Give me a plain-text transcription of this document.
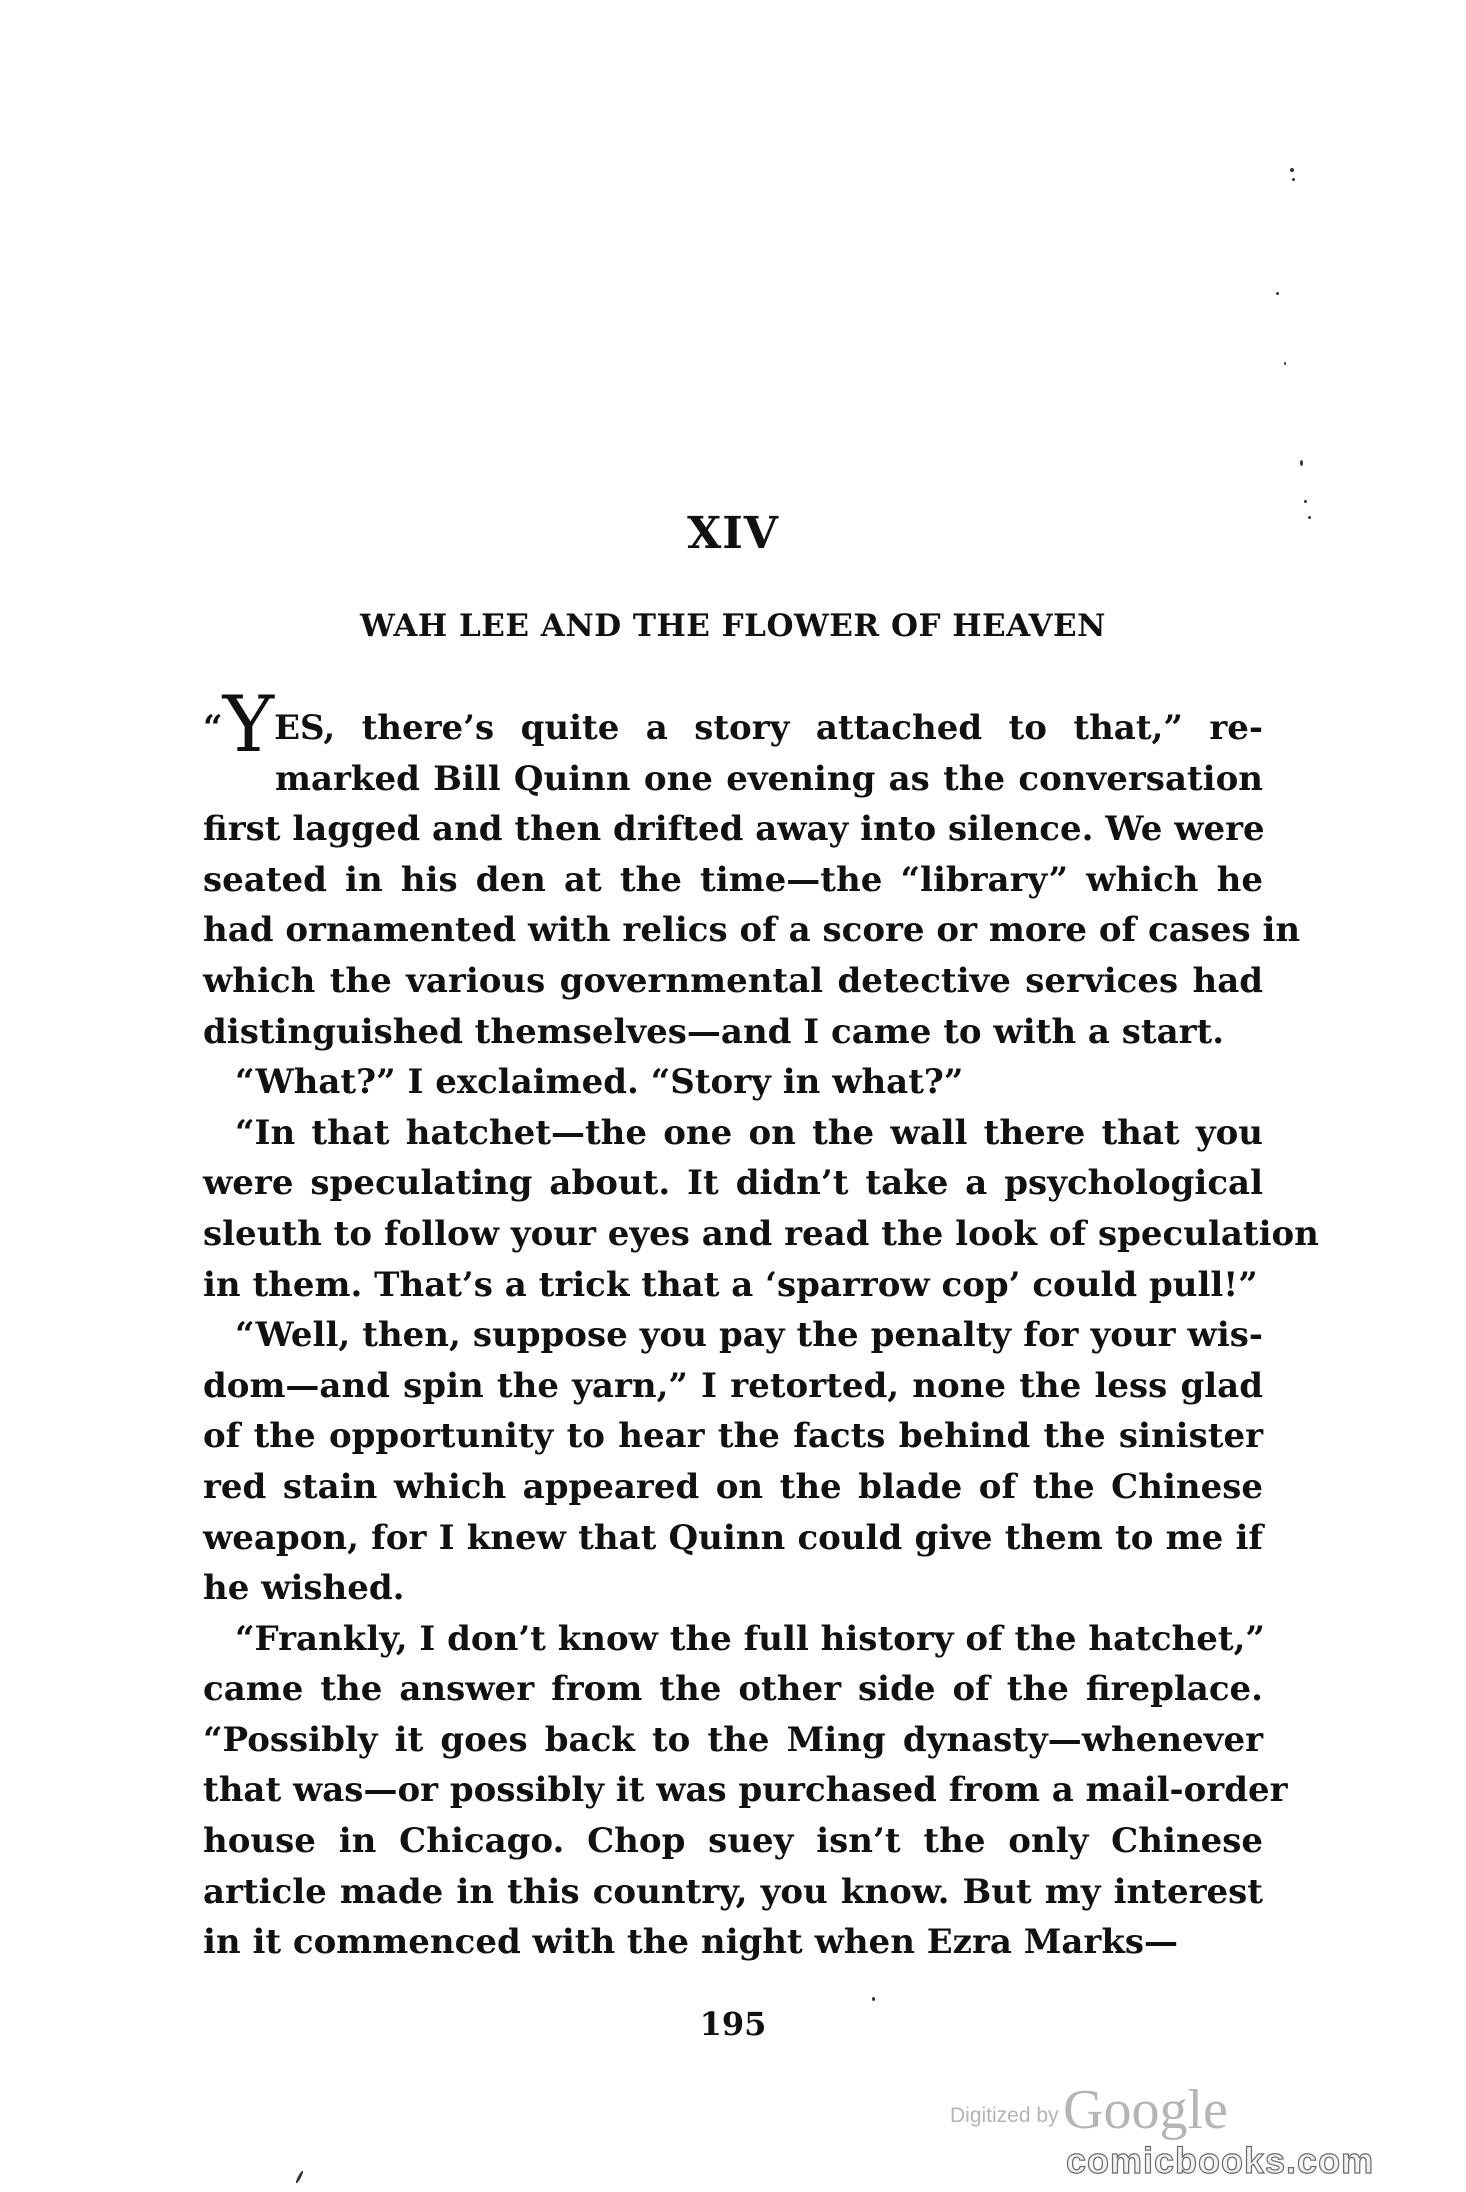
XIV
WAH LEE AND THE FLOWER OF HEAVEN
“YES, there’s quite a story attached to that,” re-
marked Bill Quinn one evening as the conversation
first lagged and then drifted away into silence. We were
seated in his den at the time—the “library” which he
had ornamented with relics of a score or more of cases in
which the various governmental detective services had
distinguished themselves—and I came to with a start.
“What?” I exclaimed. “Story in what?”
“In that hatchet—the one on the wall there that you
were speculating about. It didn’t take a psychological
sleuth to follow your eyes and read the look of speculation
in them. That’s a trick that a ‘sparrow cop’ could pull!”
“Well, then, suppose you pay the penalty for your wis-
dom—and spin the yarn,” I retorted, none the less glad
of the opportunity to hear the facts behind the sinister
red stain which appeared on the blade of the Chinese
weapon, for I knew that Quinn could give them to me if
he wished.
“Frankly, I don’t know the full history of the hatchet,”
came the answer from the other side of the fireplace.
“Possibly it goes back to the Ming dynasty—whenever
that was—or possibly it was purchased from a mail-order
house in Chicago. Chop suey isn’t the only Chinese
article made in this country, you know. But my interest
in it commenced with the night when Ezra Marks—
195
Digitized by Google
comicbooks.com
